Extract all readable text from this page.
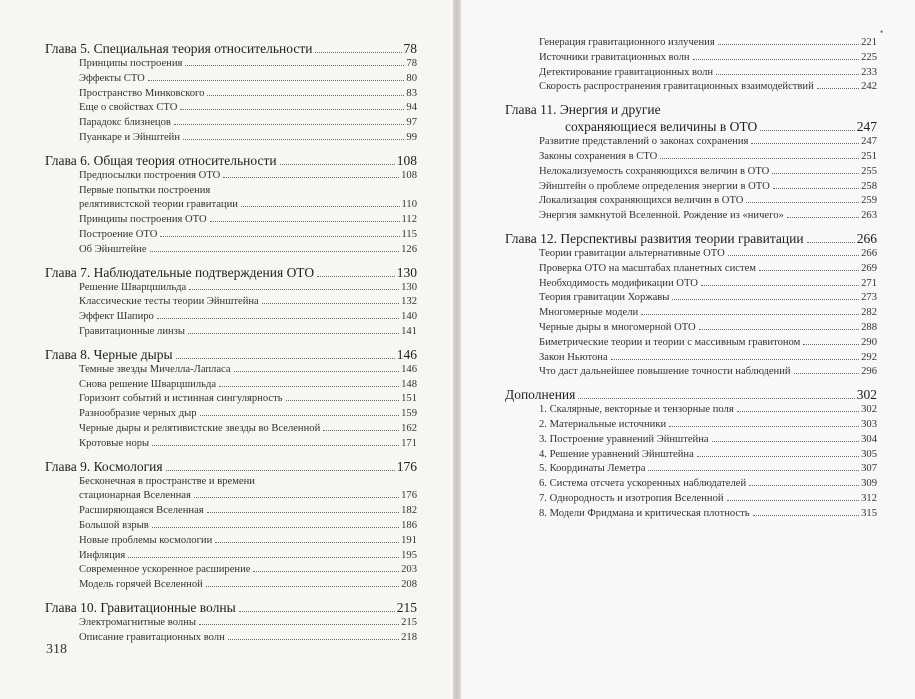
Глава 5. Специальная теория относительности	78
Принципы построения	78
Эффекты СТО	80
Пространство Минковского	83
Еще о свойствах СТО	94
Парадокс близнецов	97
Пуанкаре и Эйнштейн	99
Глава 6. Общая теория относительности	108
Предпосылки построения ОТО	108
Первые попытки построения
релятивистской теории гравитации	110
Принципы построения ОТО	112
Построение ОТО	115
Об Эйнштейне	126
Глава 7. Наблюдательные подтверждения ОТО	130
Решение Шварцшильда	130
Классические тесты теории Эйнштейна	132
Эффект Шапиро	140
Гравитационные линзы	141
Глава 8. Черные дыры	146
Темные звезды Мичелла-Лапласа	146
Снова решение Шварцшильда	148
Горизонт событий и истинная сингулярность	151
Разнообразие черных дыр	159
Черные дыры и релятивистские звезды во Вселенной	162
Кротовые норы	171
Глава 9. Космология	176
Бесконечная в пространстве и времени
стационарная Вселенная	176
Расширяющаяся Вселенная	182
Большой взрыв	186
Новые проблемы космологии	191
Инфляция	195
Современное ускоренное расширение	203
Модель горячей Вселенной	208
Глава 10. Гравитационные волны	215
Электромагнитные волны	215
Описание гравитационных волн	218
Генерация гравитационного излучения	221
Источники гравитационных волн	225
Детектирование гравитационных волн	233
Скорость распространения гравитационных взаимодействий	242
Глава 11. Энергия и другие
сохраняющиеся величины в ОТО	247
Развитие представлений о законах сохранения	247
Законы сохранения в СТО	251
Нелокализуемость сохраняющихся величин в ОТО	255
Эйнштейн о проблеме определения энергии в ОТО	258
Локализация сохраняющихся величин в ОТО	259
Энергия замкнутой Вселенной. Рождение из «ничего»	263
Глава 12. Перспективы развития теории гравитации	266
Теории гравитации альтернативные ОТО	266
Проверка ОТО на масштабах планетных систем	269
Необходимость модификации ОТО	271
Теория гравитации Хоржавы	273
Многомерные модели	282
Черные дыры в многомерной ОТО	288
Биметрические теории и теории с массивным гравитоном	290
Закон Ньютона	292
Что даст дальнейшее повышение точности наблюдений	296
Дополнения	302
1. Скалярные, векторные и тензорные поля	302
2. Материальные источники	303
3. Построение уравнений Эйнштейна	304
4. Решение уравнений Эйнштейна	305
5. Координаты Леметра	307
6. Система отсчета ускоренных наблюдателей	309
7. Однородность и изотропия Вселенной	312
8. Модели Фридмана и критическая плотность	315
318
•
